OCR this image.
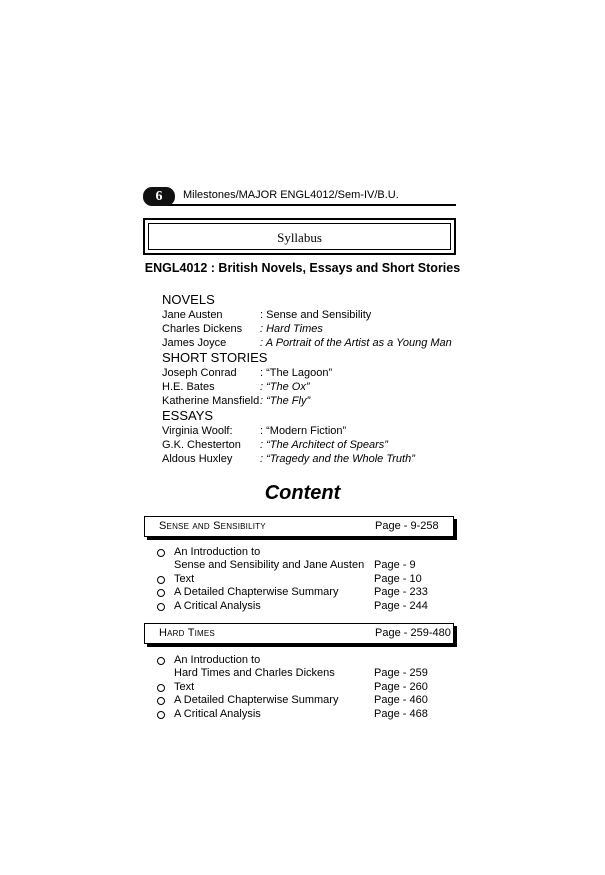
6	Milestones/MAJOR ENGL4012/Sem-IV/B.U.
Syllabus
ENGL4012 : British Novels, Essays and Short Stories
NOVELS
Jane Austen	: Sense and Sensibility
Charles Dickens	: Hard Times
James Joyce	: A Portrait of the Artist as a Young Man
SHORT STORIES
Joseph Conrad	: “The Lagoon”
H.E. Bates	: “The Ox”
Katherine Mansfield : “The Fly”
ESSAYS
Virginia Woolf:	: “Modern Fiction”
G.K. Chesterton	: “The Architect of Spears”
Aldous Huxley	: “Tragedy and the Whole Truth”
Content
Sense and Sensibility	Page - 9-258
An Introduction to
Sense and Sensibility and Jane Austen Page - 9
Text	Page - 10
A Detailed Chapterwise Summary	Page - 233
A Critical Analysis	Page - 244
Hard Times	Page - 259-480
An Introduction to
Hard Times and Charles Dickens	Page - 259
Text	Page - 260
A Detailed Chapterwise Summary	Page - 460
A Critical Analysis	Page - 468
